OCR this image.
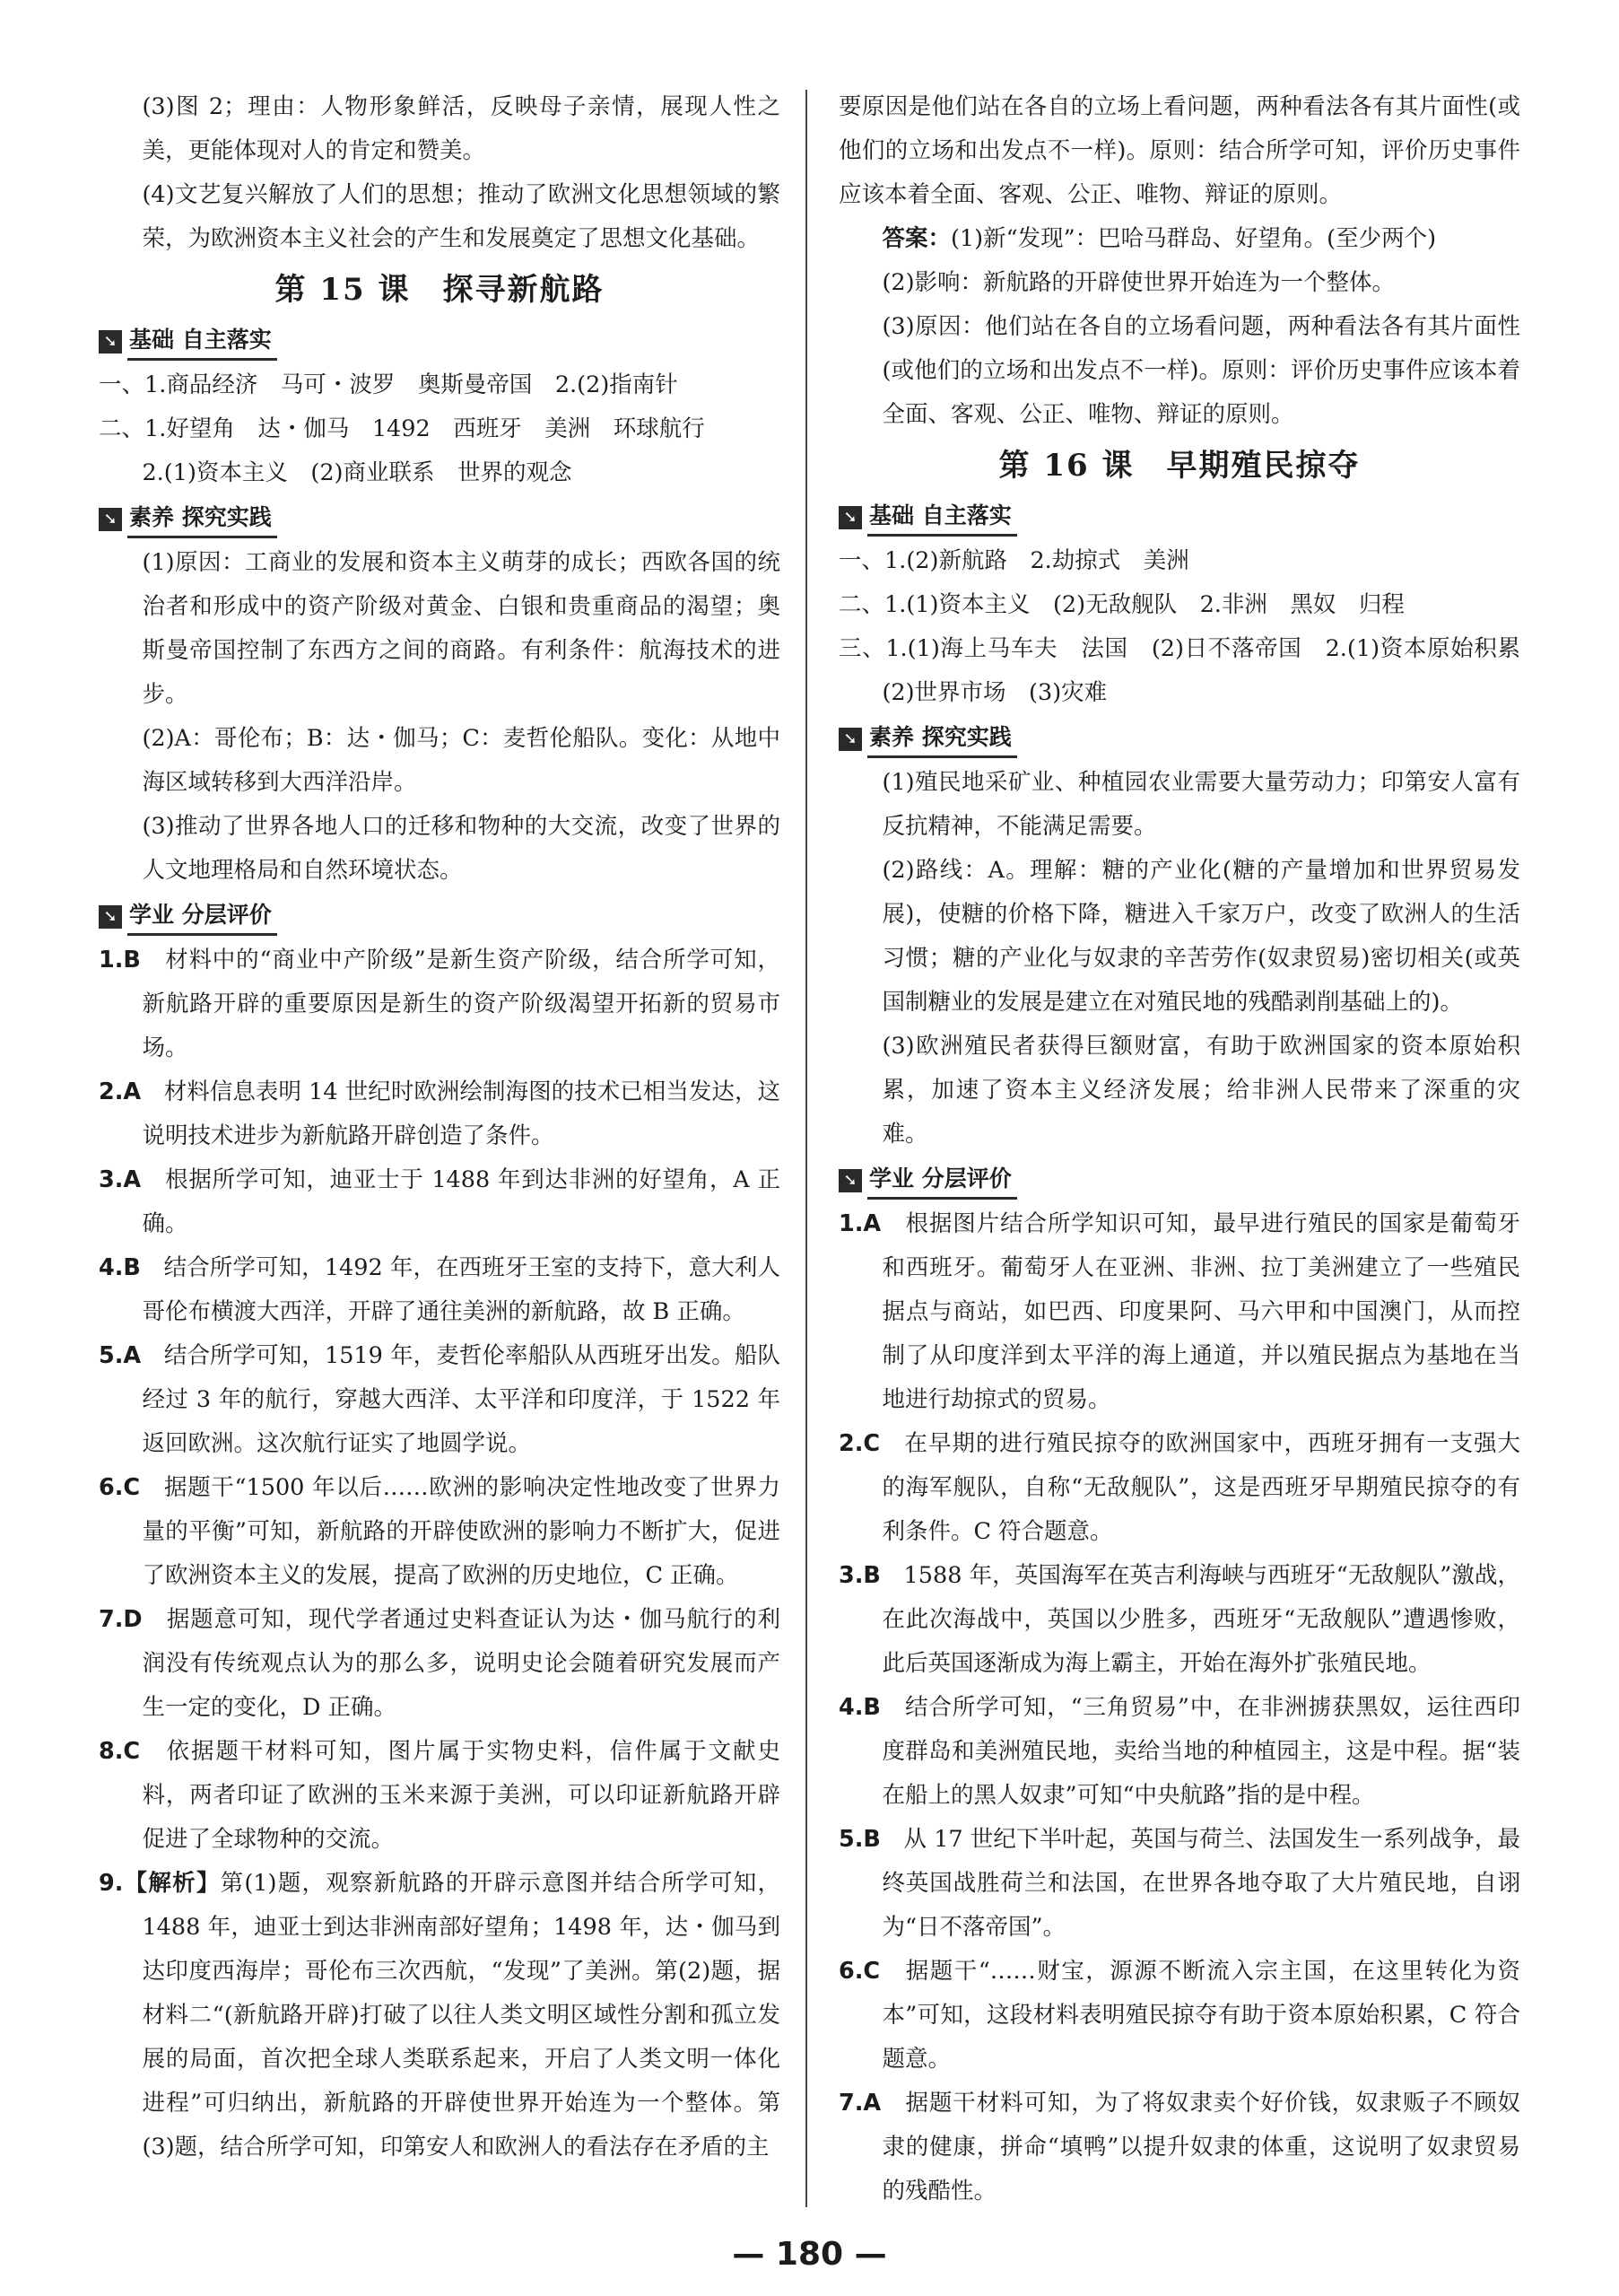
(3)图 2；理由：人物形象鲜活，反映母子亲情，展现人性之美，更能体现对人的肯定和赞美。

(4)文艺复兴解放了人们的思想；推动了欧洲文化思想领域的繁荣，为欧洲资本主义社会的产生和发展奠定了思想文化基础。

第 15 课　探寻新航路
➘ 基础 自主落实

一、1.商品经济　马可・波罗　奥斯曼帝国　2.(2)指南针

二、1.好望角　达・伽马　1492　西班牙　美洲　环球航行

2.(1)资本主义　(2)商业联系　世界的观念

➘ 素养 探究实践

(1)原因：工商业的发展和资本主义萌芽的成长；西欧各国的统治者和形成中的资产阶级对黄金、白银和贵重商品的渴望；奥斯曼帝国控制了东西方之间的商路。有利条件：航海技术的进步。

(2)A：哥伦布；B：达・伽马；C：麦哲伦船队。变化：从地中海区域转移到大西洋沿岸。

(3)推动了世界各地人口的迁移和物种的大交流，改变了世界的人文地理格局和自然环境状态。

➘ 学业 分层评价

1.B　 材料中的“商业中产阶级”是新生资产阶级，结合所学可知，新航路开辟的重要原因是新生的资产阶级渴望开拓新的贸易市场。

2.A　 材料信息表明 14 世纪时欧洲绘制海图的技术已相当发达，这说明技术进步为新航路开辟创造了条件。

3.A　 根据所学可知，迪亚士于 1488 年到达非洲的好望角，A 正确。

4.B　 结合所学可知，1492 年，在西班牙王室的支持下，意大利人哥伦布横渡大西洋，开辟了通往美洲的新航路，故 B 正确。

5.A　 结合所学可知，1519 年，麦哲伦率船队从西班牙出发。船队经过 3 年的航行，穿越大西洋、太平洋和印度洋，于 1522 年返回欧洲。这次航行证实了地圆学说。

6.C　 据题干“1500 年以后……欧洲的影响决定性地改变了世界力量的平衡”可知，新航路的开辟使欧洲的影响力不断扩大，促进了欧洲资本主义的发展，提高了欧洲的历史地位，C 正确。

7.D　 据题意可知，现代学者通过史料查证认为达・伽马航行的利润没有传统观点认为的那么多，说明史论会随着研究发展而产生一定的变化，D 正确。

8.C　 依据题干材料可知，图片属于实物史料，信件属于文献史料，两者印证了欧洲的玉米来源于美洲，可以印证新航路开辟促进了全球物种的交流。

9.【解析】第(1)题，观察新航路的开辟示意图并结合所学可知，1488 年，迪亚士到达非洲南部好望角；1498 年，达・伽马到达印度西海岸；哥伦布三次西航，“发现”了美洲。第(2)题，据材料二“(新航路开辟)打破了以往人类文明区域性分割和孤立发展的局面，首次把全球人类联系起来，开启了人类文明一体化进程”可归纳出，新航路的开辟使世界开始连为一个整体。第(3)题，结合所学可知，印第安人和欧洲人的看法存在矛盾的主

要原因是他们站在各自的立场上看问题，两种看法各有其片面性(或他们的立场和出发点不一样)。原则：结合所学可知，评价历史事件应该本着全面、客观、公正、唯物、辩证的原则。

答案：(1)新“发现”：巴哈马群岛、好望角。(至少两个)

(2)影响：新航路的开辟使世界开始连为一个整体。

(3)原因：他们站在各自的立场看问题，两种看法各有其片面性(或他们的立场和出发点不一样)。原则：评价历史事件应该本着全面、客观、公正、唯物、辩证的原则。

第 16 课　早期殖民掠夺
➘ 基础 自主落实

一、1.(2)新航路　2.劫掠式　美洲

二、1.(1)资本主义　(2)无敌舰队　2.非洲　黑奴　归程

三、1.(1)海上马车夫　法国　(2)日不落帝国　2.(1)资本原始积累　(2)世界市场　(3)灾难

➘ 素养 探究实践

(1)殖民地采矿业、种植园农业需要大量劳动力；印第安人富有反抗精神，不能满足需要。

(2)路线：A。理解：糖的产业化(糖的产量增加和世界贸易发展)，使糖的价格下降，糖进入千家万户，改变了欧洲人的生活习惯；糖的产业化与奴隶的辛苦劳作(奴隶贸易)密切相关(或英国制糖业的发展是建立在对殖民地的残酷剥削基础上的)。

(3)欧洲殖民者获得巨额财富，有助于欧洲国家的资本原始积累，加速了资本主义经济发展；给非洲人民带来了深重的灾难。

➘ 学业 分层评价

1.A　 根据图片结合所学知识可知，最早进行殖民的国家是葡萄牙和西班牙。葡萄牙人在亚洲、非洲、拉丁美洲建立了一些殖民据点与商站，如巴西、印度果阿、马六甲和中国澳门，从而控制了从印度洋到太平洋的海上通道，并以殖民据点为基地在当地进行劫掠式的贸易。

2.C　 在早期的进行殖民掠夺的欧洲国家中，西班牙拥有一支强大的海军舰队，自称“无敌舰队”，这是西班牙早期殖民掠夺的有利条件。C 符合题意。

3.B　 1588 年，英国海军在英吉利海峡与西班牙“无敌舰队”激战，在此次海战中，英国以少胜多，西班牙“无敌舰队”遭遇惨败，此后英国逐渐成为海上霸主，开始在海外扩张殖民地。

4.B　 结合所学可知，“三角贸易”中，在非洲掳获黑奴，运往西印度群岛和美洲殖民地，卖给当地的种植园主，这是中程。据“装在船上的黑人奴隶”可知“中央航路”指的是中程。

5.B　 从 17 世纪下半叶起，英国与荷兰、法国发生一系列战争，最终英国战胜荷兰和法国，在世界各地夺取了大片殖民地，自诩为“日不落帝国”。

6.C　 据题干“……财宝，源源不断流入宗主国，在这里转化为资本”可知，这段材料表明殖民掠夺有助于资本原始积累，C 符合题意。

7.A　 据题干材料可知，为了将奴隶卖个好价钱，奴隶贩子不顾奴隶的健康，拼命“填鸭”以提升奴隶的体重，这说明了奴隶贸易的残酷性。

— 180 —
